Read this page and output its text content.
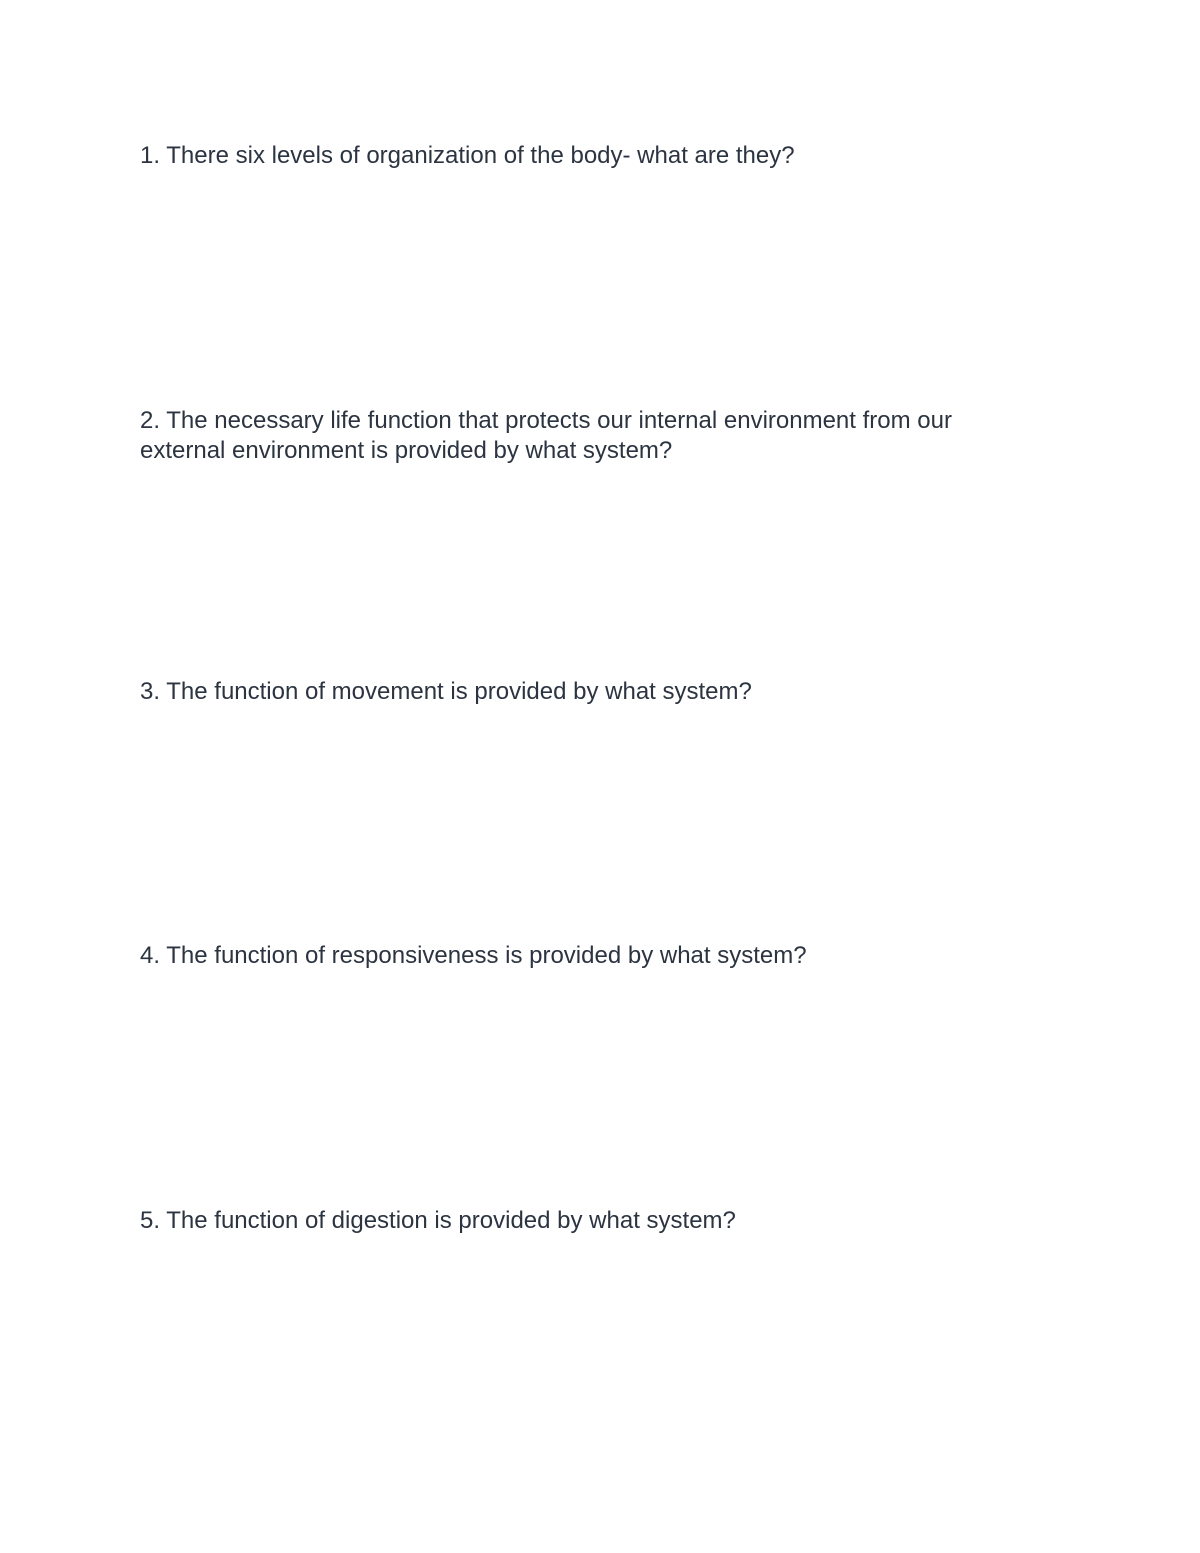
1. There six levels of organization of the body- what are they?

2. The necessary life function that protects our internal environment from our external environment is provided by what system?

3. The function of movement is provided by what system?

4. The function of responsiveness is provided by what system?

5. The function of digestion is provided by what system?
